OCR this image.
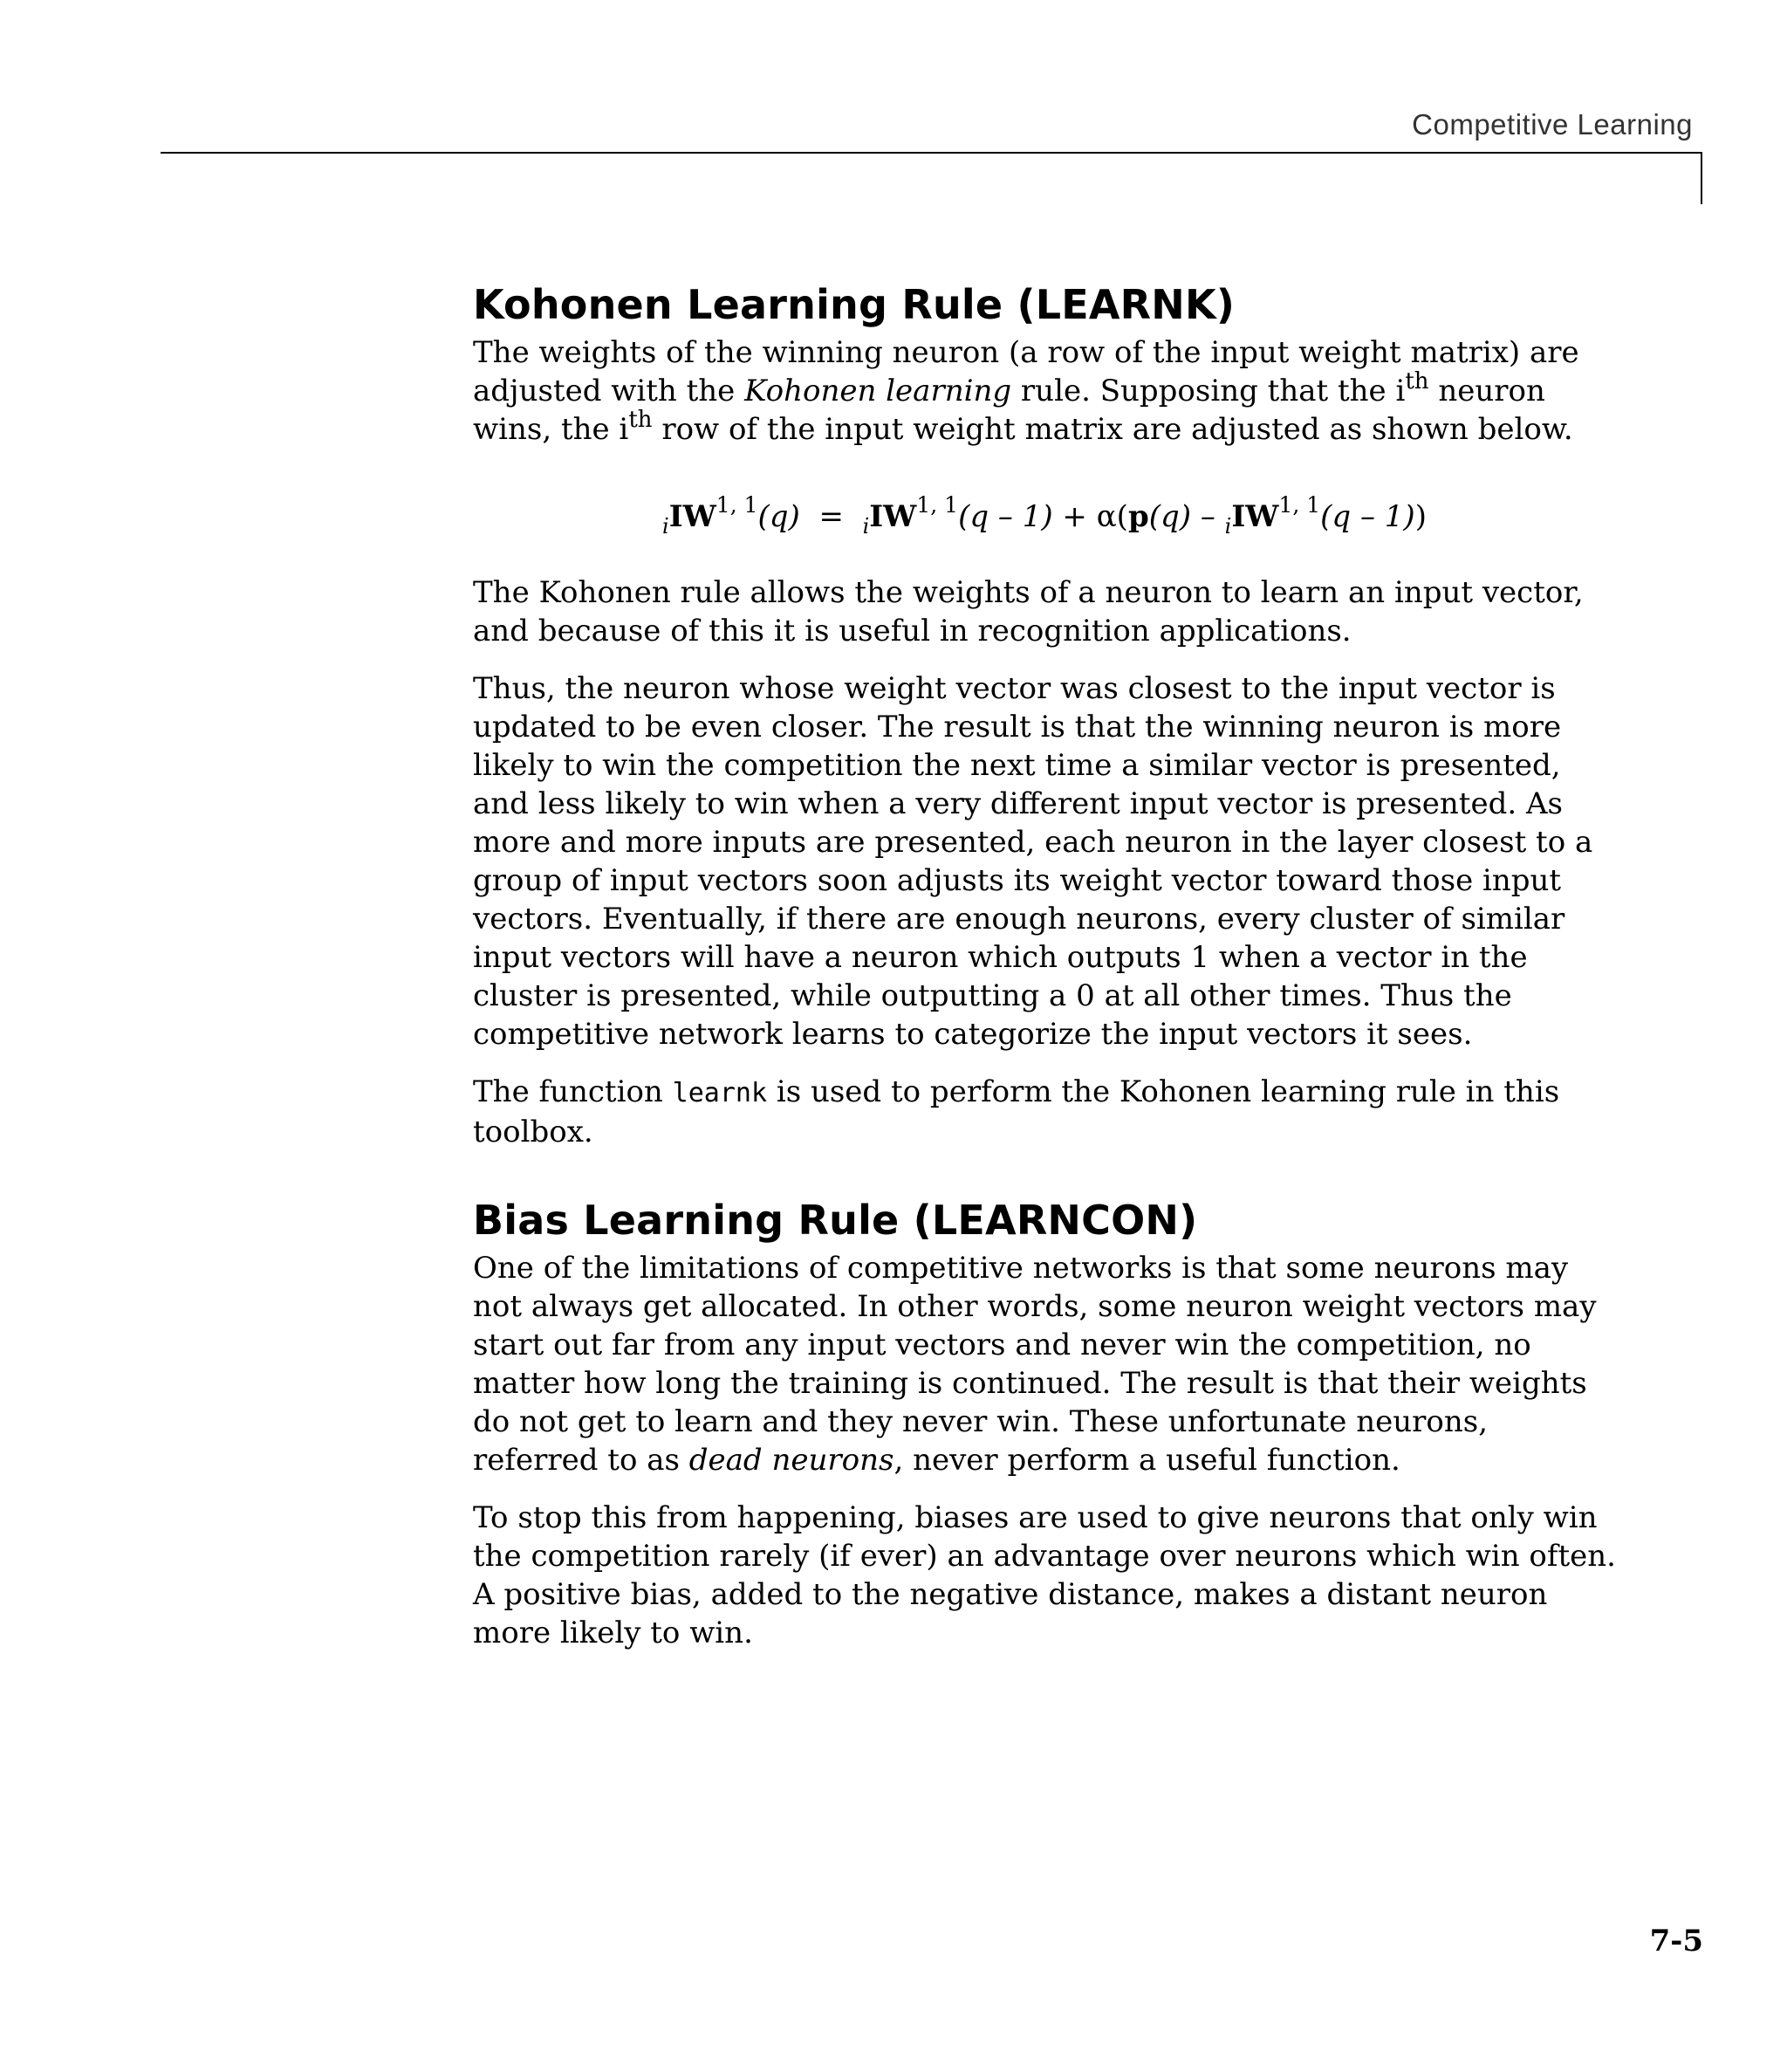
Competitive Learning
Kohonen Learning Rule (LEARNK)

The weights of the winning neuron (a row of the input weight matrix) are adjusted with the Kohonen learning rule. Supposing that the $i^{th}$ neuron wins, the $i^{th}$ row of the input weight matrix are adjusted as shown below.

$_i$IW$^{1, 1}$(q) = $_i$IW$^{1, 1}$(q – 1) + α(p(q) – $_i$IW$^{1, 1}$(q – 1))

The Kohonen rule allows the weights of a neuron to learn an input vector, and because of this it is useful in recognition applications.

Thus, the neuron whose weight vector was closest to the input vector is updated to be even closer. The result is that the winning neuron is more likely to win the competition the next time a similar vector is presented, and less likely to win when a very different input vector is presented. As more and more inputs are presented, each neuron in the layer closest to a group of input vectors soon adjusts its weight vector toward those input vectors. Eventually, if there are enough neurons, every cluster of similar input vectors will have a neuron which outputs 1 when a vector in the cluster is presented, while outputting a 0 at all other times. Thus the competitive network learns to categorize the input vectors it sees.

The function learnk is used to perform the Kohonen learning rule in this toolbox.

Bias Learning Rule (LEARNCON)

One of the limitations of competitive networks is that some neurons may not always get allocated. In other words, some neuron weight vectors may start out far from any input vectors and never win the competition, no matter how long the training is continued. The result is that their weights do not get to learn and they never win. These unfortunate neurons, referred to as dead neurons, never perform a useful function.

To stop this from happening, biases are used to give neurons that only win the competition rarely (if ever) an advantage over neurons which win often. A positive bias, added to the negative distance, makes a distant neuron more likely to win.

7-5
